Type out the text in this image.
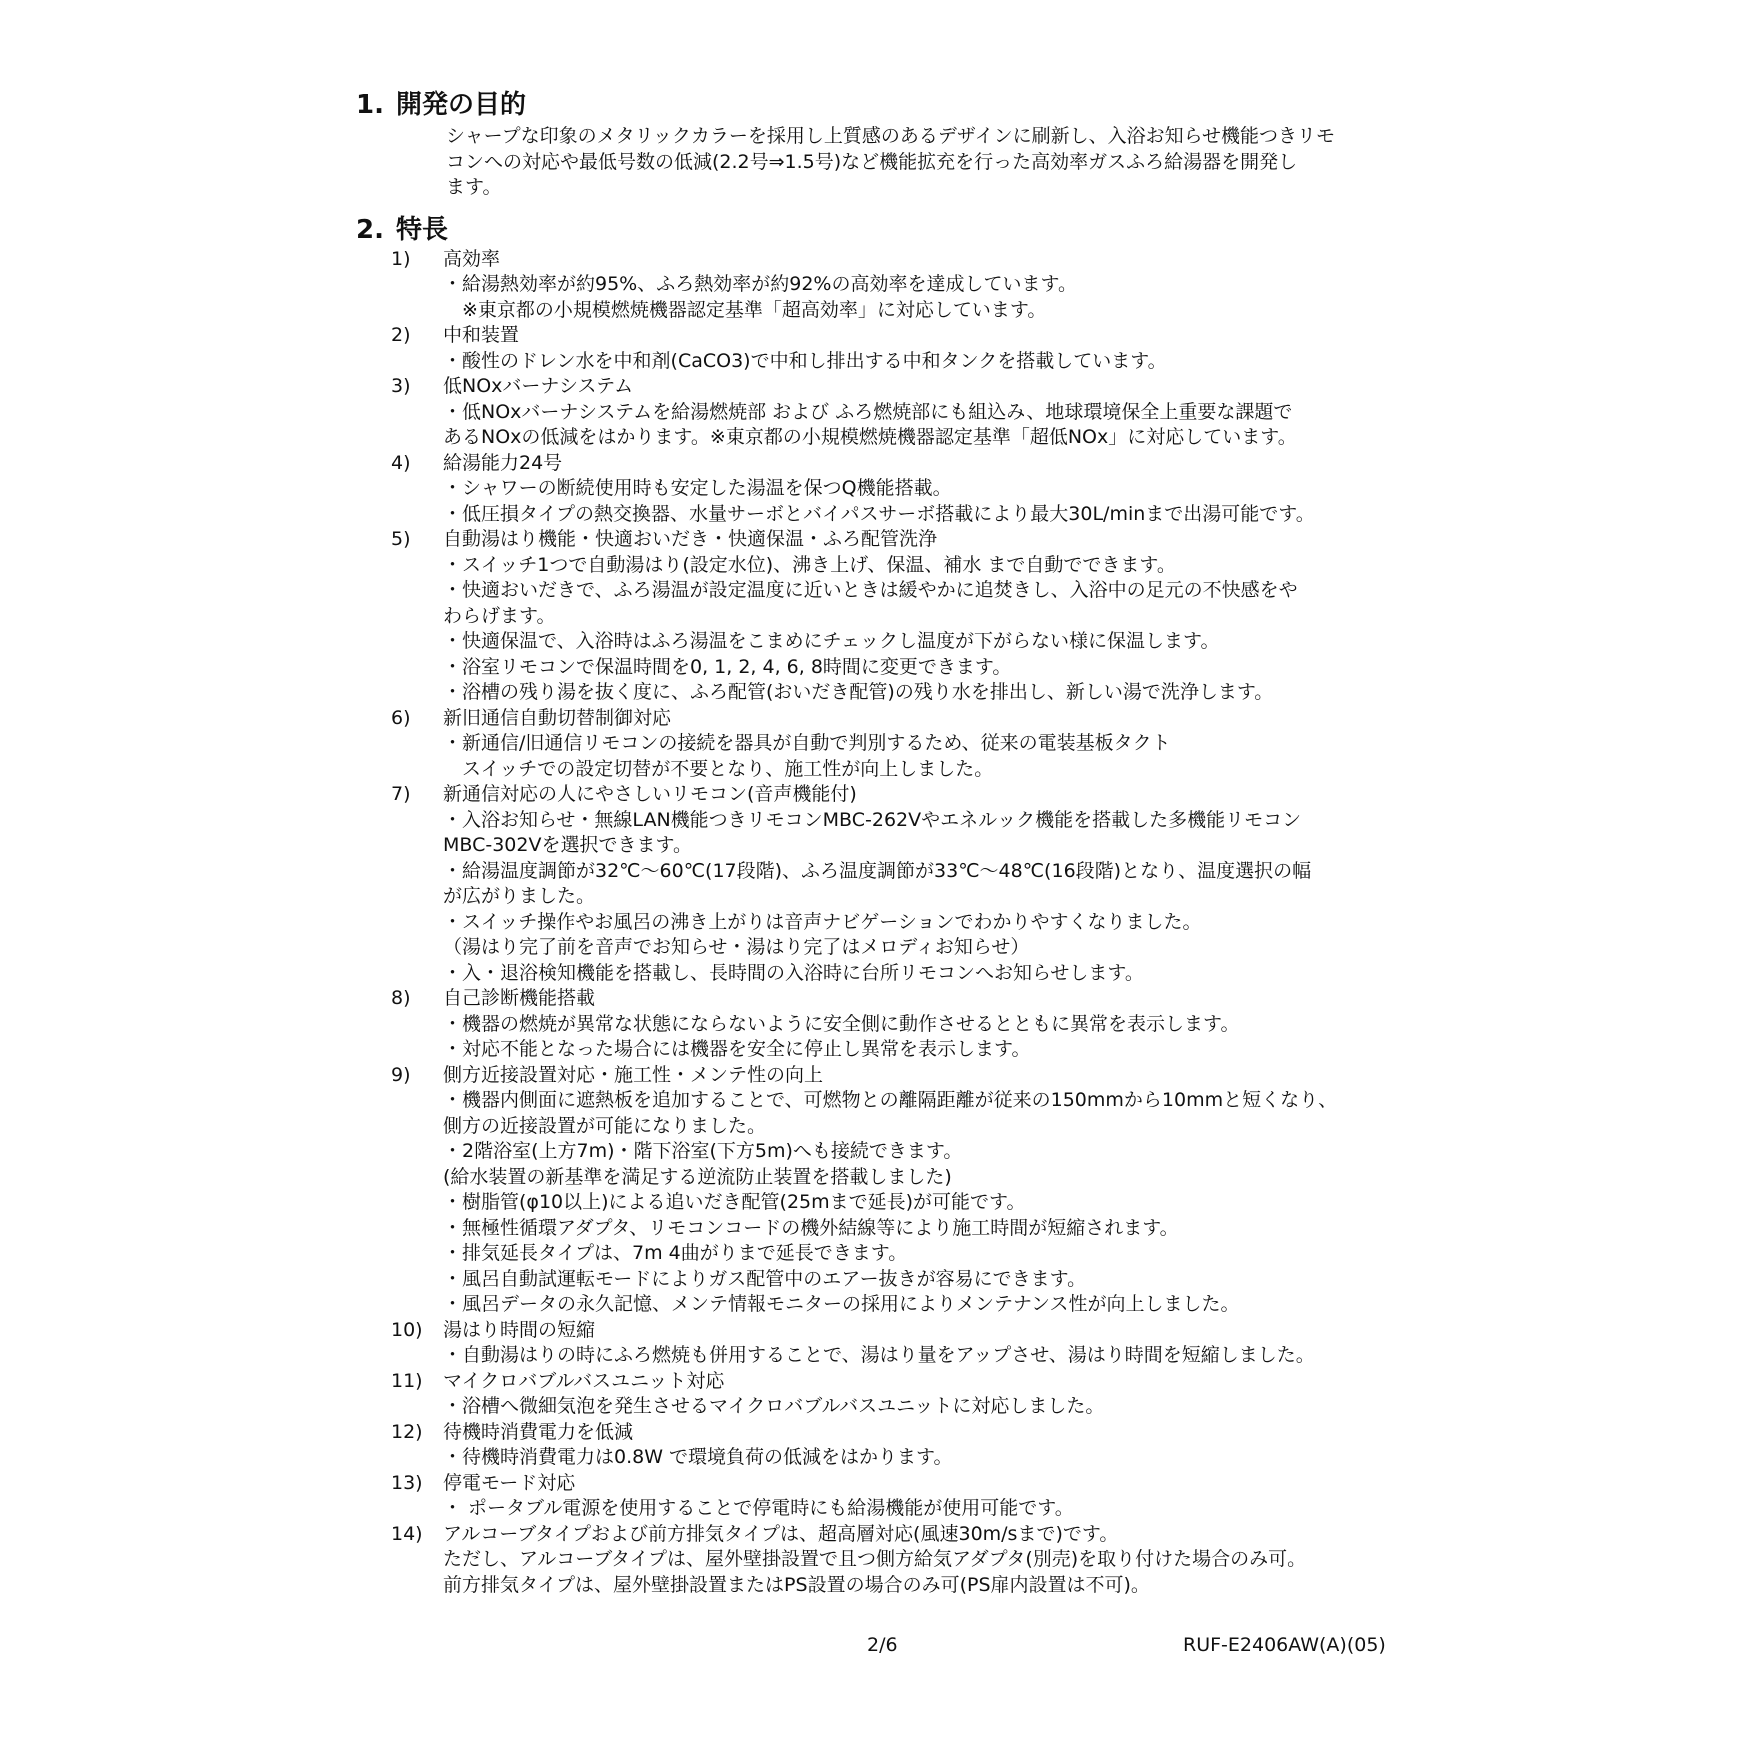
1. 開発の目的
シャープな印象のメタリックカラーを採用し上質感のあるデザインに刷新し、入浴お知らせ機能つきリモ
コンへの対応や最低号数の低減(2.2号⇒1.5号)など機能拡充を行った高効率ガスふろ給湯器を開発し
ます。
2. 特長
1)	高効率
・給湯熱効率が約95%、ふろ熱効率が約92%の高効率を達成しています。
　※東京都の小規模燃焼機器認定基準「超高効率」に対応しています。
2)	中和装置
・酸性のドレン水を中和剤(CaCO3)で中和し排出する中和タンクを搭載しています。
3)	低NOxバーナシステム
・低NOxバーナシステムを給湯燃焼部 および ふろ燃焼部にも組込み、地球環境保全上重要な課題で
あるNOxの低減をはかります。※東京都の小規模燃焼機器認定基準「超低NOx」に対応しています。
4)	給湯能力24号
・シャワーの断続使用時も安定した湯温を保つQ機能搭載。
・低圧損タイプの熱交換器、水量サーボとバイパスサーボ搭載により最大30L/minまで出湯可能です。
5)	自動湯はり機能・快適おいだき・快適保温・ふろ配管洗浄
・スイッチ1つで自動湯はり(設定水位)、沸き上げ、保温、補水 まで自動でできます。
・快適おいだきで、ふろ湯温が設定温度に近いときは緩やかに追焚きし、入浴中の足元の不快感をや
わらげます。
・快適保温で、入浴時はふろ湯温をこまめにチェックし温度が下がらない様に保温します。
・浴室リモコンで保温時間を0, 1, 2, 4, 6, 8時間に変更できます。
・浴槽の残り湯を抜く度に、ふろ配管(おいだき配管)の残り水を排出し、新しい湯で洗浄します。
6)	新旧通信自動切替制御対応
・新通信/旧通信リモコンの接続を器具が自動で判別するため、従来の電装基板タクト
　スイッチでの設定切替が不要となり、施工性が向上しました。
7)	新通信対応の人にやさしいリモコン(音声機能付)
・入浴お知らせ・無線LAN機能つきリモコンMBC-262Vやエネルック機能を搭載した多機能リモコン
MBC-302Vを選択できます。
・給湯温度調節が32℃～60℃(17段階)、ふろ温度調節が33℃～48℃(16段階)となり、温度選択の幅
が広がりました。
・スイッチ操作やお風呂の沸き上がりは音声ナビゲーションでわかりやすくなりました。
（湯はり完了前を音声でお知らせ・湯はり完了はメロディお知らせ）
・入・退浴検知機能を搭載し、長時間の入浴時に台所リモコンへお知らせします。
8)	自己診断機能搭載
・機器の燃焼が異常な状態にならないように安全側に動作させるとともに異常を表示します。
・対応不能となった場合には機器を安全に停止し異常を表示します。
9)	側方近接設置対応・施工性・メンテ性の向上
・機器内側面に遮熱板を追加することで、可燃物との離隔距離が従来の150mmから10mmと短くなり、
側方の近接設置が可能になりました。
・2階浴室(上方7m)・階下浴室(下方5m)へも接続できます。
(給水装置の新基準を満足する逆流防止装置を搭載しました)
・樹脂管(φ10以上)による追いだき配管(25mまで延長)が可能です。
・無極性循環アダプタ、リモコンコードの機外結線等により施工時間が短縮されます。
・排気延長タイプは、7m 4曲がりまで延長できます。
・風呂自動試運転モードによりガス配管中のエアー抜きが容易にできます。
・風呂データの永久記憶、メンテ情報モニターの採用によりメンテナンス性が向上しました。
10)	湯はり時間の短縮
・自動湯はりの時にふろ燃焼も併用することで、湯はり量をアップさせ、湯はり時間を短縮しました。
11)	マイクロバブルバスユニット対応
・浴槽へ微細気泡を発生させるマイクロバブルバスユニットに対応しました。
12)	待機時消費電力を低減
・待機時消費電力は0.8W で環境負荷の低減をはかります。
13)	停電モード対応
・ ポータブル電源を使用することで停電時にも給湯機能が使用可能です。
14)	アルコーブタイプおよび前方排気タイプは、超高層対応(風速30m/sまで)です。
ただし、アルコーブタイプは、屋外壁掛設置で且つ側方給気アダプタ(別売)を取り付けた場合のみ可。
前方排気タイプは、屋外壁掛設置またはPS設置の場合のみ可(PS扉内設置は不可)。
2/6	RUF-E2406AW(A)(05)
